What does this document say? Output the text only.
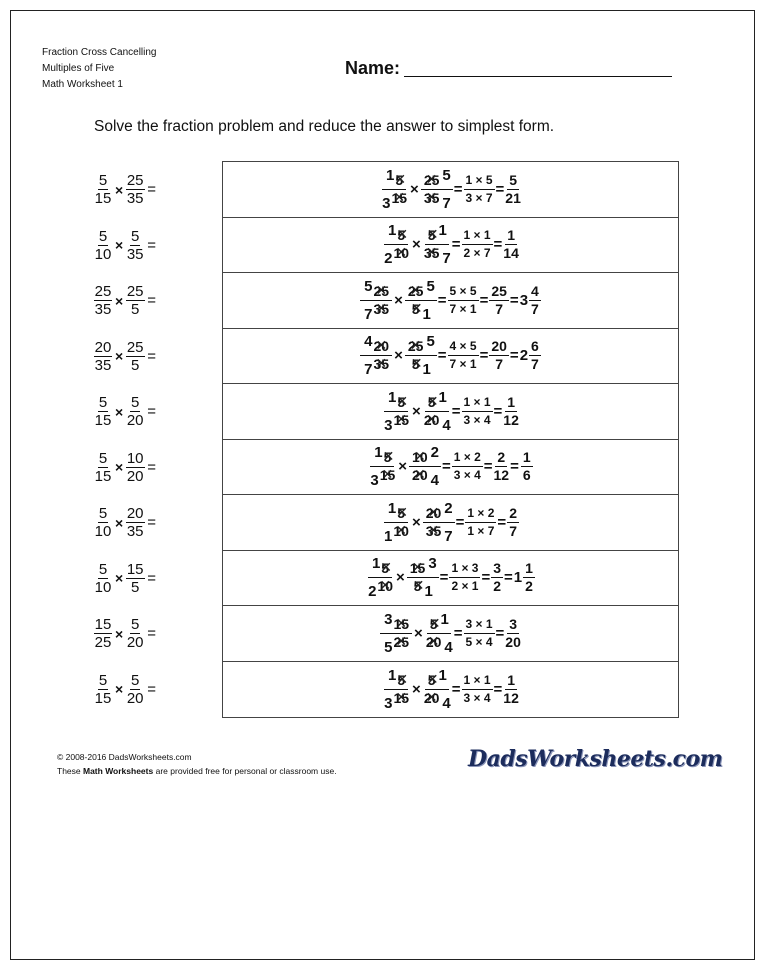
Fraction Cross Cancelling
Multiples of Five
Math Worksheet 1
Name:
Solve the fraction problem and reduce the answer to simplest form.
$\frac{5}{15} \times \frac{25}{35}$ =
$\frac{5}{10} \times \frac{5}{35}$ =
$\frac{25}{35} \times \frac{25}{5}$ =
$\frac{20}{35} \times \frac{25}{5}$ =
$\frac{5}{15} \times \frac{5}{20}$ =
$\frac{5}{15} \times \frac{10}{20}$ =
$\frac{5}{10} \times \frac{20}{35}$ =
$\frac{5}{10} \times \frac{15}{5}$ =
$\frac{15}{25} \times \frac{5}{20}$ =
$\frac{5}{15} \times \frac{5}{20}$ =
$\frac{1 5 ✕}{3 15}$ ✕ × $\frac{25 ✕ 5}{35 ✕ 7} = \frac{1 \times 5}{3 \times 7} = \frac{5}{21}$
$\frac{1 5 ✕}{2 10}$ ✕ × $\frac{5 ✕ 1}{35 ✕ 7} = \frac{1 \times 1}{2 \times 7} = \frac{1}{14}$
$\frac{5 25 ✕}{7 35}$ ✕ × $\frac{25 ✕ 5}{5 ✕ 1} = \frac{5 \times 5}{7 \times 1} = \frac{25}{7} = 3$
4
7
$\frac{4 20 ✕}{7 35}$ ✕ × $\frac{25 ✕ 5}{5 ✕ 1} = \frac{4 \times 5}{7 \times 1} = \frac{20}{7} = 2$
6
7
$\frac{1 5 ✕}{3 15}$ ✕ × $\frac{5 ✕ 1}{20 ✕ 4} = \frac{1 \times 1}{3 \times 4} = \frac{1}{12}$
$\frac{1 5 ✕}{3 15}$ ✕ × $\frac{10 ✕ 2}{20 ✕ 4} = \frac{1 \times 2}{3 \times 4} = \frac{2}{12}$ =
1
6
$\frac{1 5 ✕}{1 10}$ ✕ × $\frac{20 ✕ 2}{35 ✕ 7} = \frac{1 \times 2}{1 \times 7} = \frac{2}{7}$
$\frac{1 5 ✕}{2 10}$ ✕ × $\frac{15 ✕ 3}{5 ✕ 1} = \frac{1 \times 3}{2 \times 1} = \frac{3}{2} = 1$
1
2
$\frac{3 15 ✕}{5 25}$ ✕ × $\frac{5 ✕ 1}{20 ✕ 4} = \frac{3 \times 1}{5 \times 4} = \frac{3}{20}$
$\frac{1 5 ✕}{3 15}$ ✕ × $\frac{5 ✕ 1}{20 ✕ 4} = \frac{1 \times 1}{3 \times 4} = \frac{1}{12}$
© 2008-2016 DadsWorksheets.com
These Math Worksheets are provided free for personal or classroom use.	DadsWorksheets.com
